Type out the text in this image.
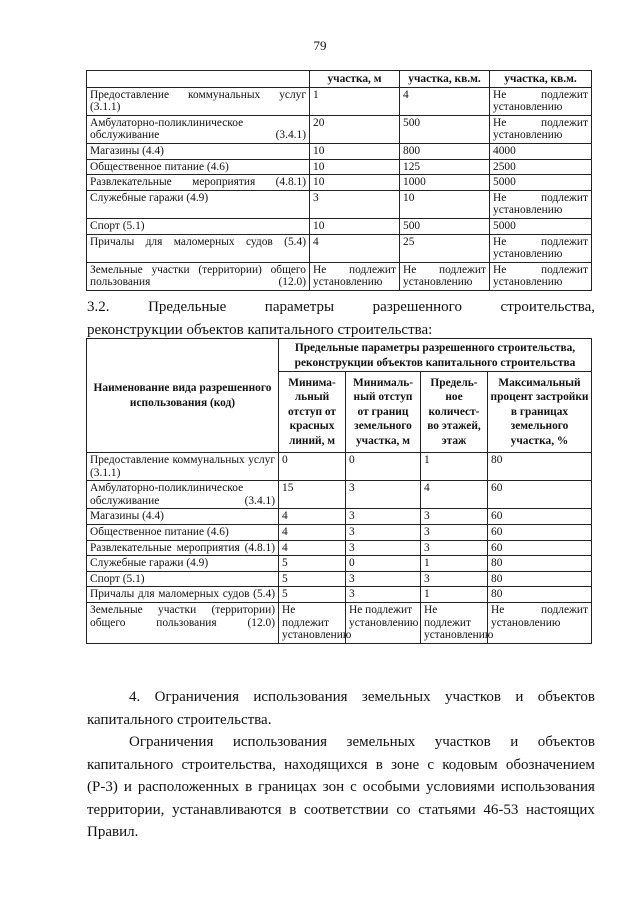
79
	участка, м	участка, кв.м.	участка, кв.м.
Предоставление коммунальных услуг (3.1.1)	1	4	Не подлежит установлению
Амбулаторно-поликлиническое обслуживание (3.4.1)	20	500	Не подлежит установлению
Магазины (4.4)	10	800	4000
Общественное питание (4.6)	10	125	2500
Развлекательные мероприятия (4.8.1)	10	1000	5000
Служебные гаражи (4.9)	3	10	Не подлежит установлению
Спорт (5.1)	10	500	5000
Причалы для маломерных судов (5.4)	4	25	Не подлежит установлению
Земельные участки (территории) общего пользования (12.0)	Не подлежит установлению	Не подлежит установлению	Не подлежит установлению
3.2.	Предельные	параметры	разрешенного	строительства,
реконструкции объектов капитального строительства:
Наименование вида разрешенного использования (код)	Предельные параметры разрешенного строительства, реконструкции объектов капитального строительства			
	Минима-льный отступ от красных линий, м	Минималь-ный отступ от границ земельного участка, м	Предель-ное количест-во этажей, этаж	Максимальный процент застройки в границах земельного участка, %
Предоставление коммунальных услуг (3.1.1)	0	0	1	80
Амбулаторно-поликлиническое обслуживание (3.4.1)	15	3	4	60
Магазины (4.4)	4	3	3	60
Общественное питание (4.6)	4	3	3	60
Развлекательные мероприятия (4.8.1)	4	3	3	60
Служебные гаражи (4.9)	5	0	1	80
Спорт (5.1)	5	3	3	80
Причалы для маломерных судов (5.4)	5	3	1	80
Земельные участки (территории) общего пользования (12.0)	Не подлежит установлению	Не подлежит установлению	Не подлежит установлению	Не подлежит установлению
4. Ограничения использования земельных участков и объектов
капитального строительства.
Ограничения использования земельных участков и объектов
капитального строительства, находящихся в зоне с кодовым обозначением
(Р-3) и расположенных в границах зон с особыми условиями использования
территории, устанавливаются в соответствии со статьями 46-53 настоящих
Правил.
